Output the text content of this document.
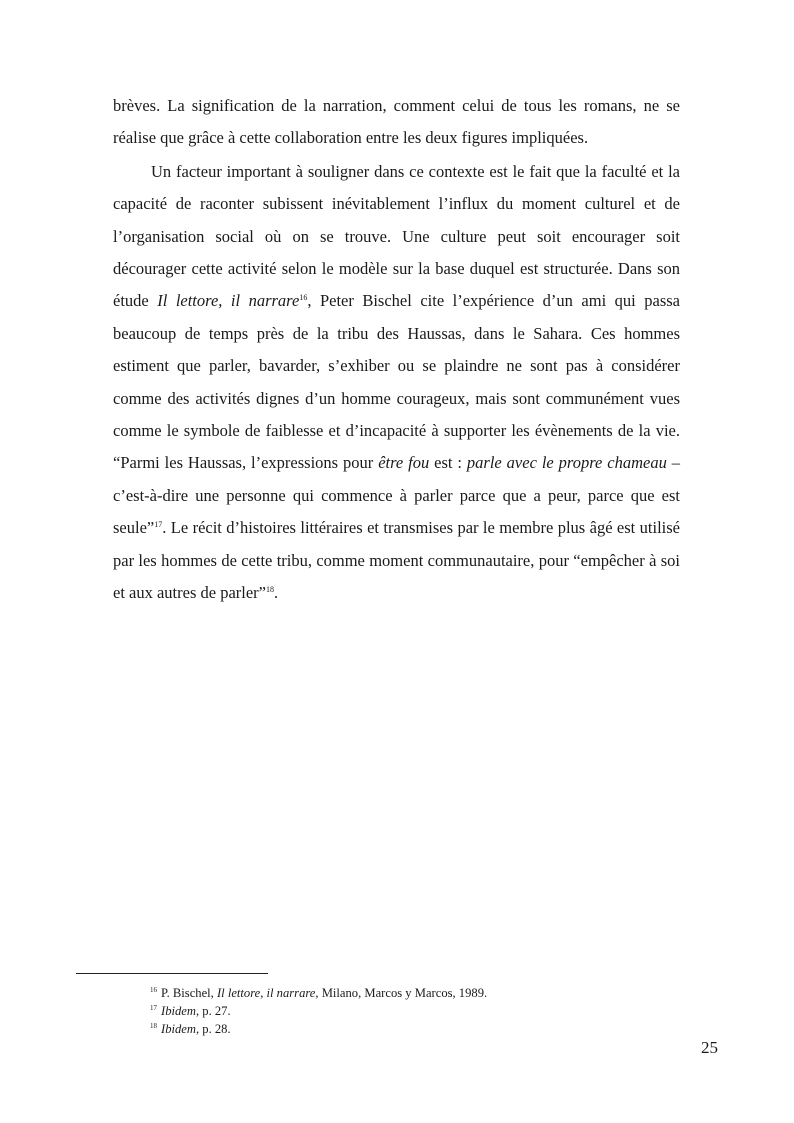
brèves. La signification de la narration, comment celui de tous les romans, ne se réalise que grâce à cette collaboration entre les deux figures impliquées.

Un facteur important à souligner dans ce contexte est le fait que la faculté et la capacité de raconter subissent inévitablement l’influx du moment culturel et de l’organisation social où on se trouve. Une culture peut soit encourager soit décourager cette activité selon le modèle sur la base duquel est structurée. Dans son étude Il lettore, il narrare$^{16}$, Peter Bischel cite l’expérience d’un ami qui passa beaucoup de temps près de la tribu des Haussas, dans le Sahara. Ces hommes estiment que parler, bavarder, s’exhiber ou se plaindre ne sont pas à considérer comme des activités dignes d’un homme courageux, mais sont communément vues comme le symbole de faiblesse et d’incapacité à supporter les évènements de la vie. “Parmi les Haussas, l’expressions pour être fou est : parle avec le propre chameau – c’est-à-dire une personne qui commence à parler parce que a peur, parce que est seule”$^{17}$. Le récit d’histoires littéraires et transmises par le membre plus âgé est utilisé par les hommes de cette tribu, comme moment communautaire, pour “empêcher à soi et aux autres de parler”$^{18}$.

$^{16}$ P. Bischel, Il lettore, il narrare, Milano, Marcos y Marcos, 1989.
$^{17}$ Ibidem, p. 27.
$^{18}$ Ibidem, p. 28.
25
